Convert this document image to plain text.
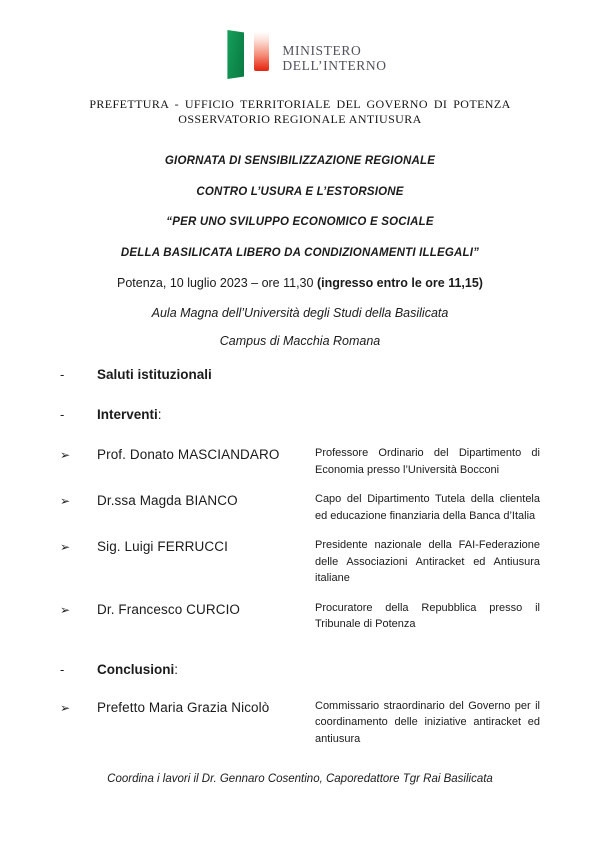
MINISTERO
DELL’INTERNO
PREFETTURA - UFFICIO TERRITORIALE DEL GOVERNO DI POTENZA
OSSERVATORIO REGIONALE ANTIUSURA

GIORNATA DI SENSIBILIZZAZIONE REGIONALE

CONTRO L’USURA E L’ESTORSIONE

“PER UNO SVILUPPO ECONOMICO E SOCIALE

DELLA BASILICATA LIBERO DA CONDIZIONAMENTI ILLEGALI”

Potenza, 10 luglio 2023 – ore 11,30 (ingresso entro le ore 11,15)
Aula Magna dell’Università degli Studi della Basilicata
Campus di Macchia Romana
-	Saluti istituzionali
-	Interventi:
➢	Prof. Donato MASCIANDARO	Professore Ordinario del Dipartimento di Economia presso l’Università Bocconi
➢	Dr.ssa Magda BIANCO	Capo del Dipartimento Tutela della clientela ed educazione finanziaria della Banca d’Italia
➢	Sig. Luigi FERRUCCI	Presidente nazionale della FAI-Federazione delle Associazioni Antiracket ed Antiusura italiane
➢	Dr. Francesco CURCIO	Procuratore della Repubblica presso il Tribunale di Potenza
-	Conclusioni:
➢	Prefetto Maria Grazia Nicolò	Commissario straordinario del Governo per il coordinamento delle iniziative antiracket ed antiusura
Coordina i lavori il Dr. Gennaro Cosentino, Caporedattore Tgr Rai Basilicata
